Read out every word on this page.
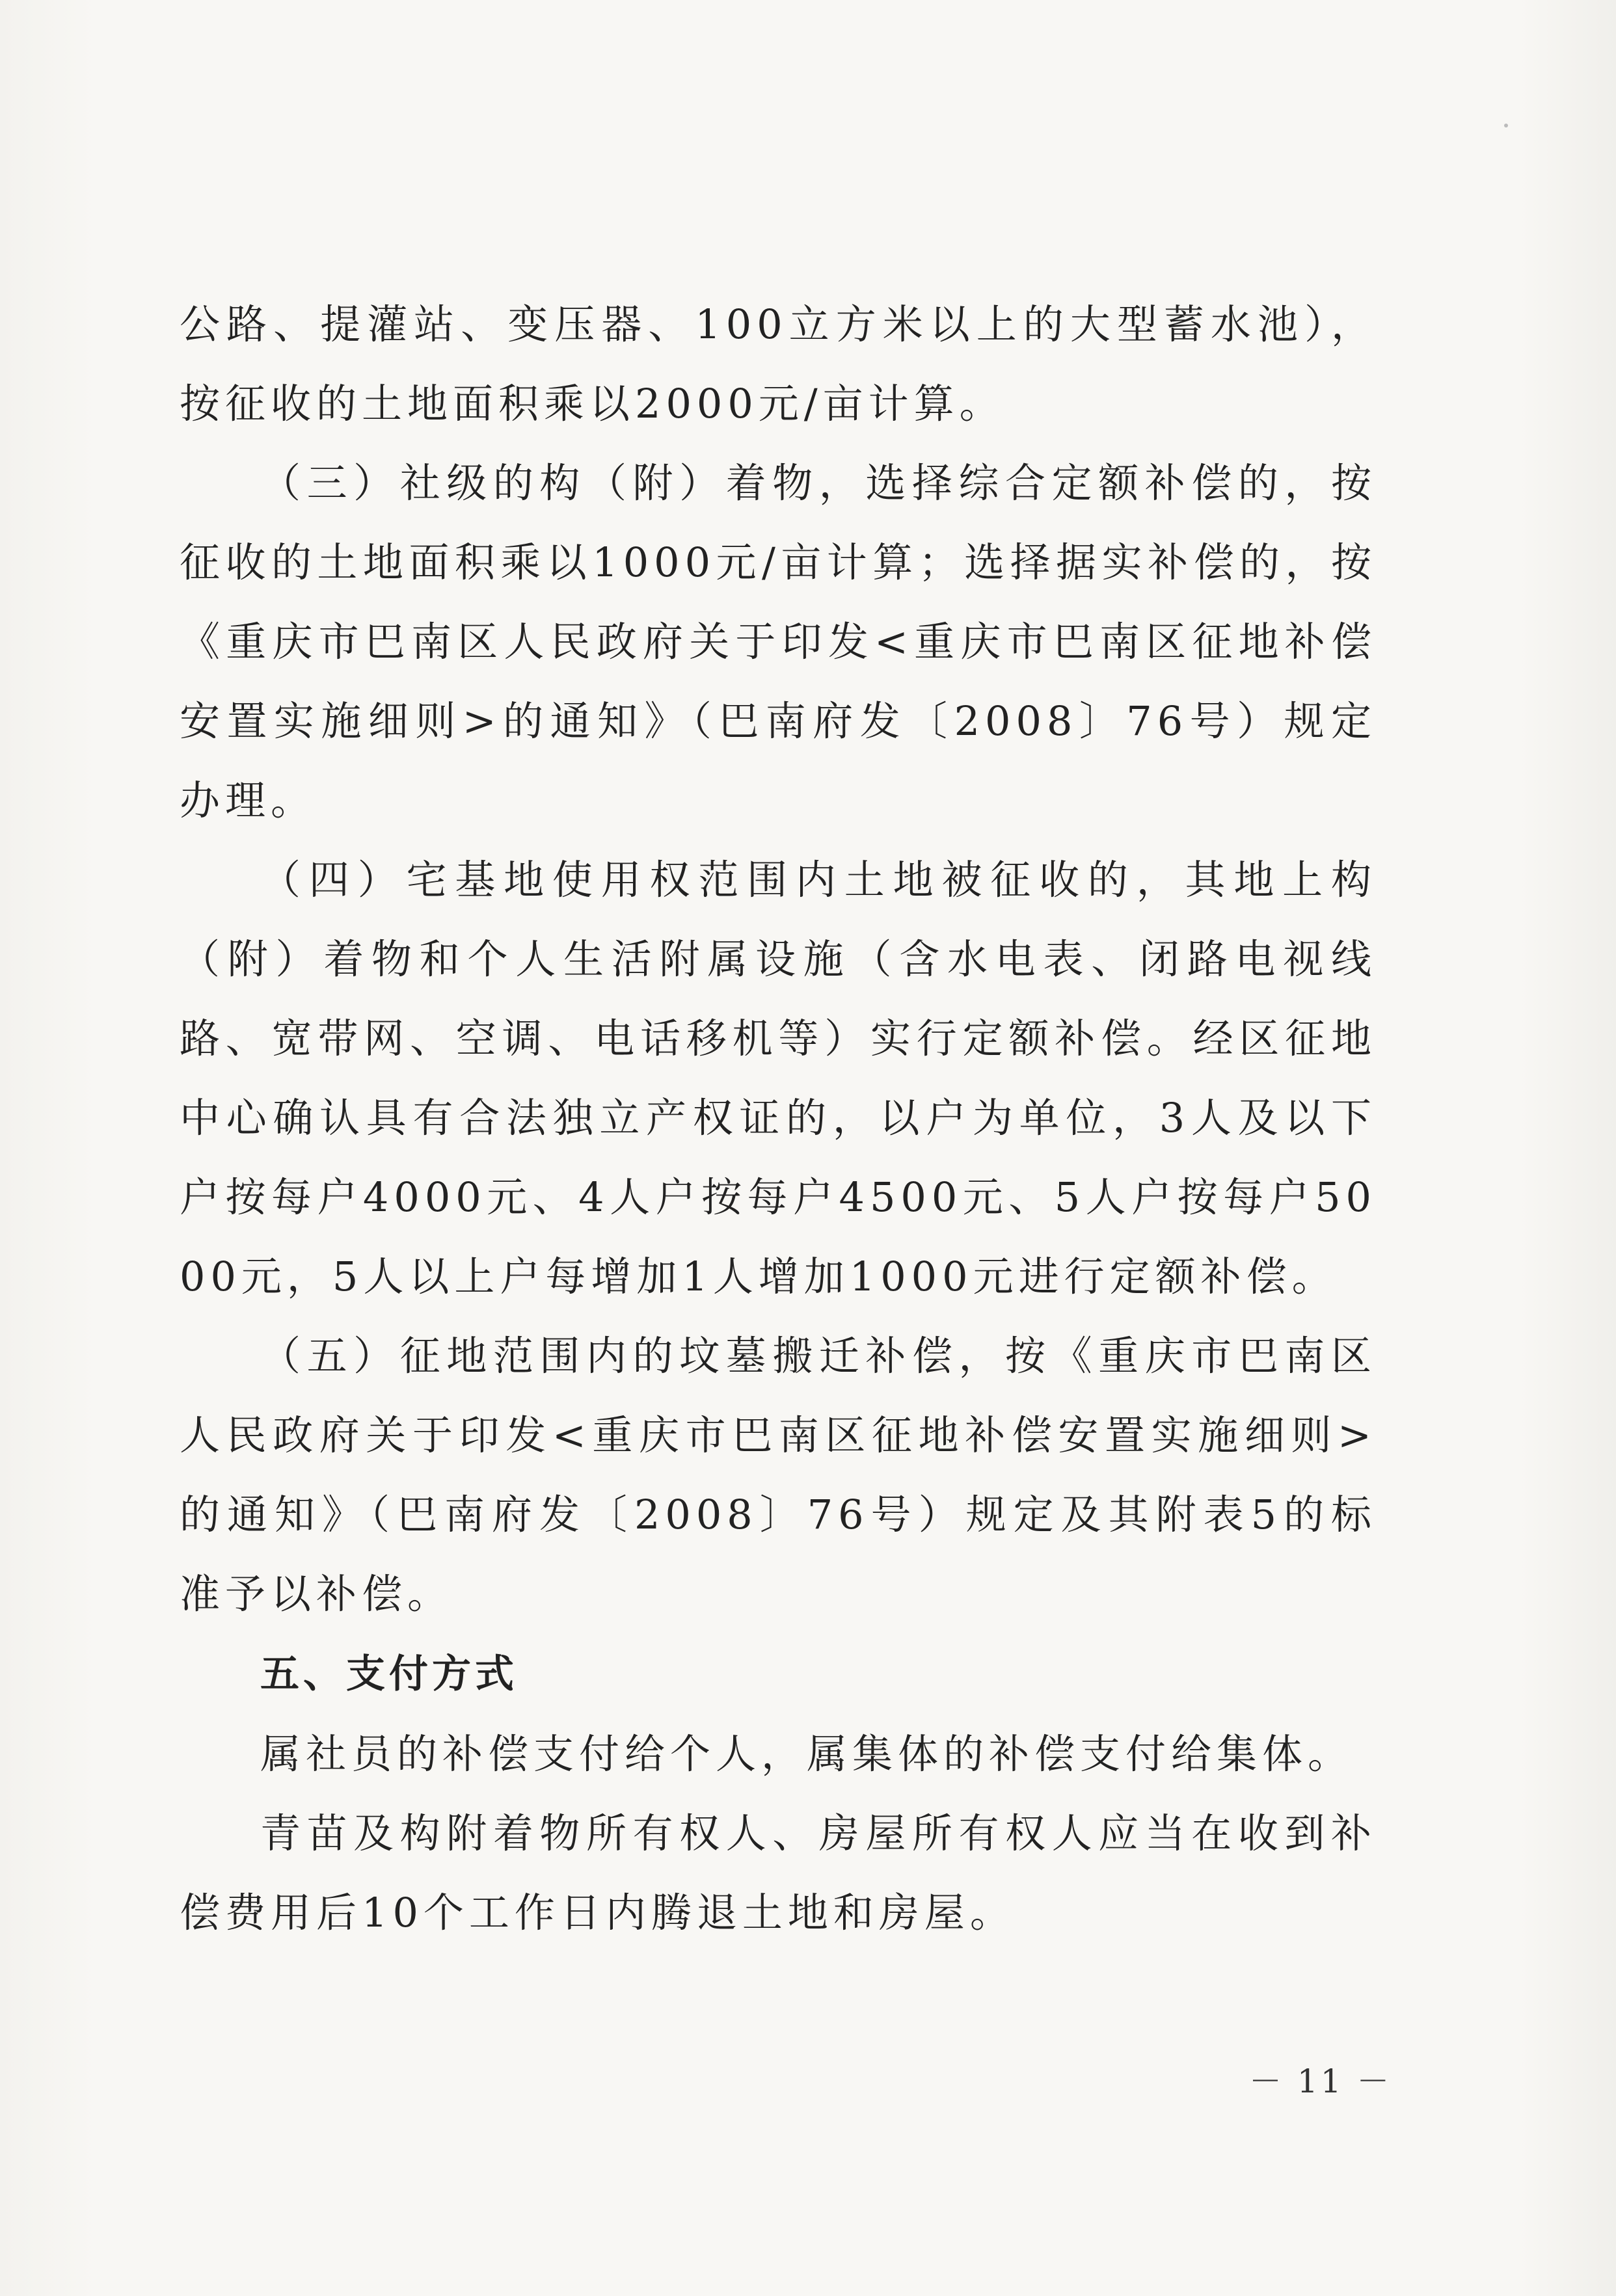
公路、提灌站、变压器、100立方米以上的大型蓄水池），按征收的土地面积乘以2000元/亩计算。

（三）社级的构（附）着物，选择综合定额补偿的，按征收的土地面积乘以1000元/亩计算；选择据实补偿的，按《重庆市巴南区人民政府关于印发<重庆市巴南区征地补偿安置实施细则>的通知》（巴南府发〔2008〕76号）规定办理。

（四）宅基地使用权范围内土地被征收的，其地上构（附）着物和个人生活附属设施（含水电表、闭路电视线路、宽带网、空调、电话移机等）实行定额补偿。经区征地中心确认具有合法独立产权证的，以户为单位，3人及以下户按每户4000元、4人户按每户4500元、5人户按每户5000元，5人以上户每增加1人增加1000元进行定额补偿。

（五）征地范围内的坟墓搬迁补偿，按《重庆市巴南区人民政府关于印发<重庆市巴南区征地补偿安置实施细则>的通知》（巴南府发〔2008〕76号）规定及其附表5的标准予以补偿。

五、支付方式

属社员的补偿支付给个人，属集体的补偿支付给集体。

青苗及构附着物所有权人、房屋所有权人应当在收到补偿费用后10个工作日内腾退土地和房屋。

－ 11 －
